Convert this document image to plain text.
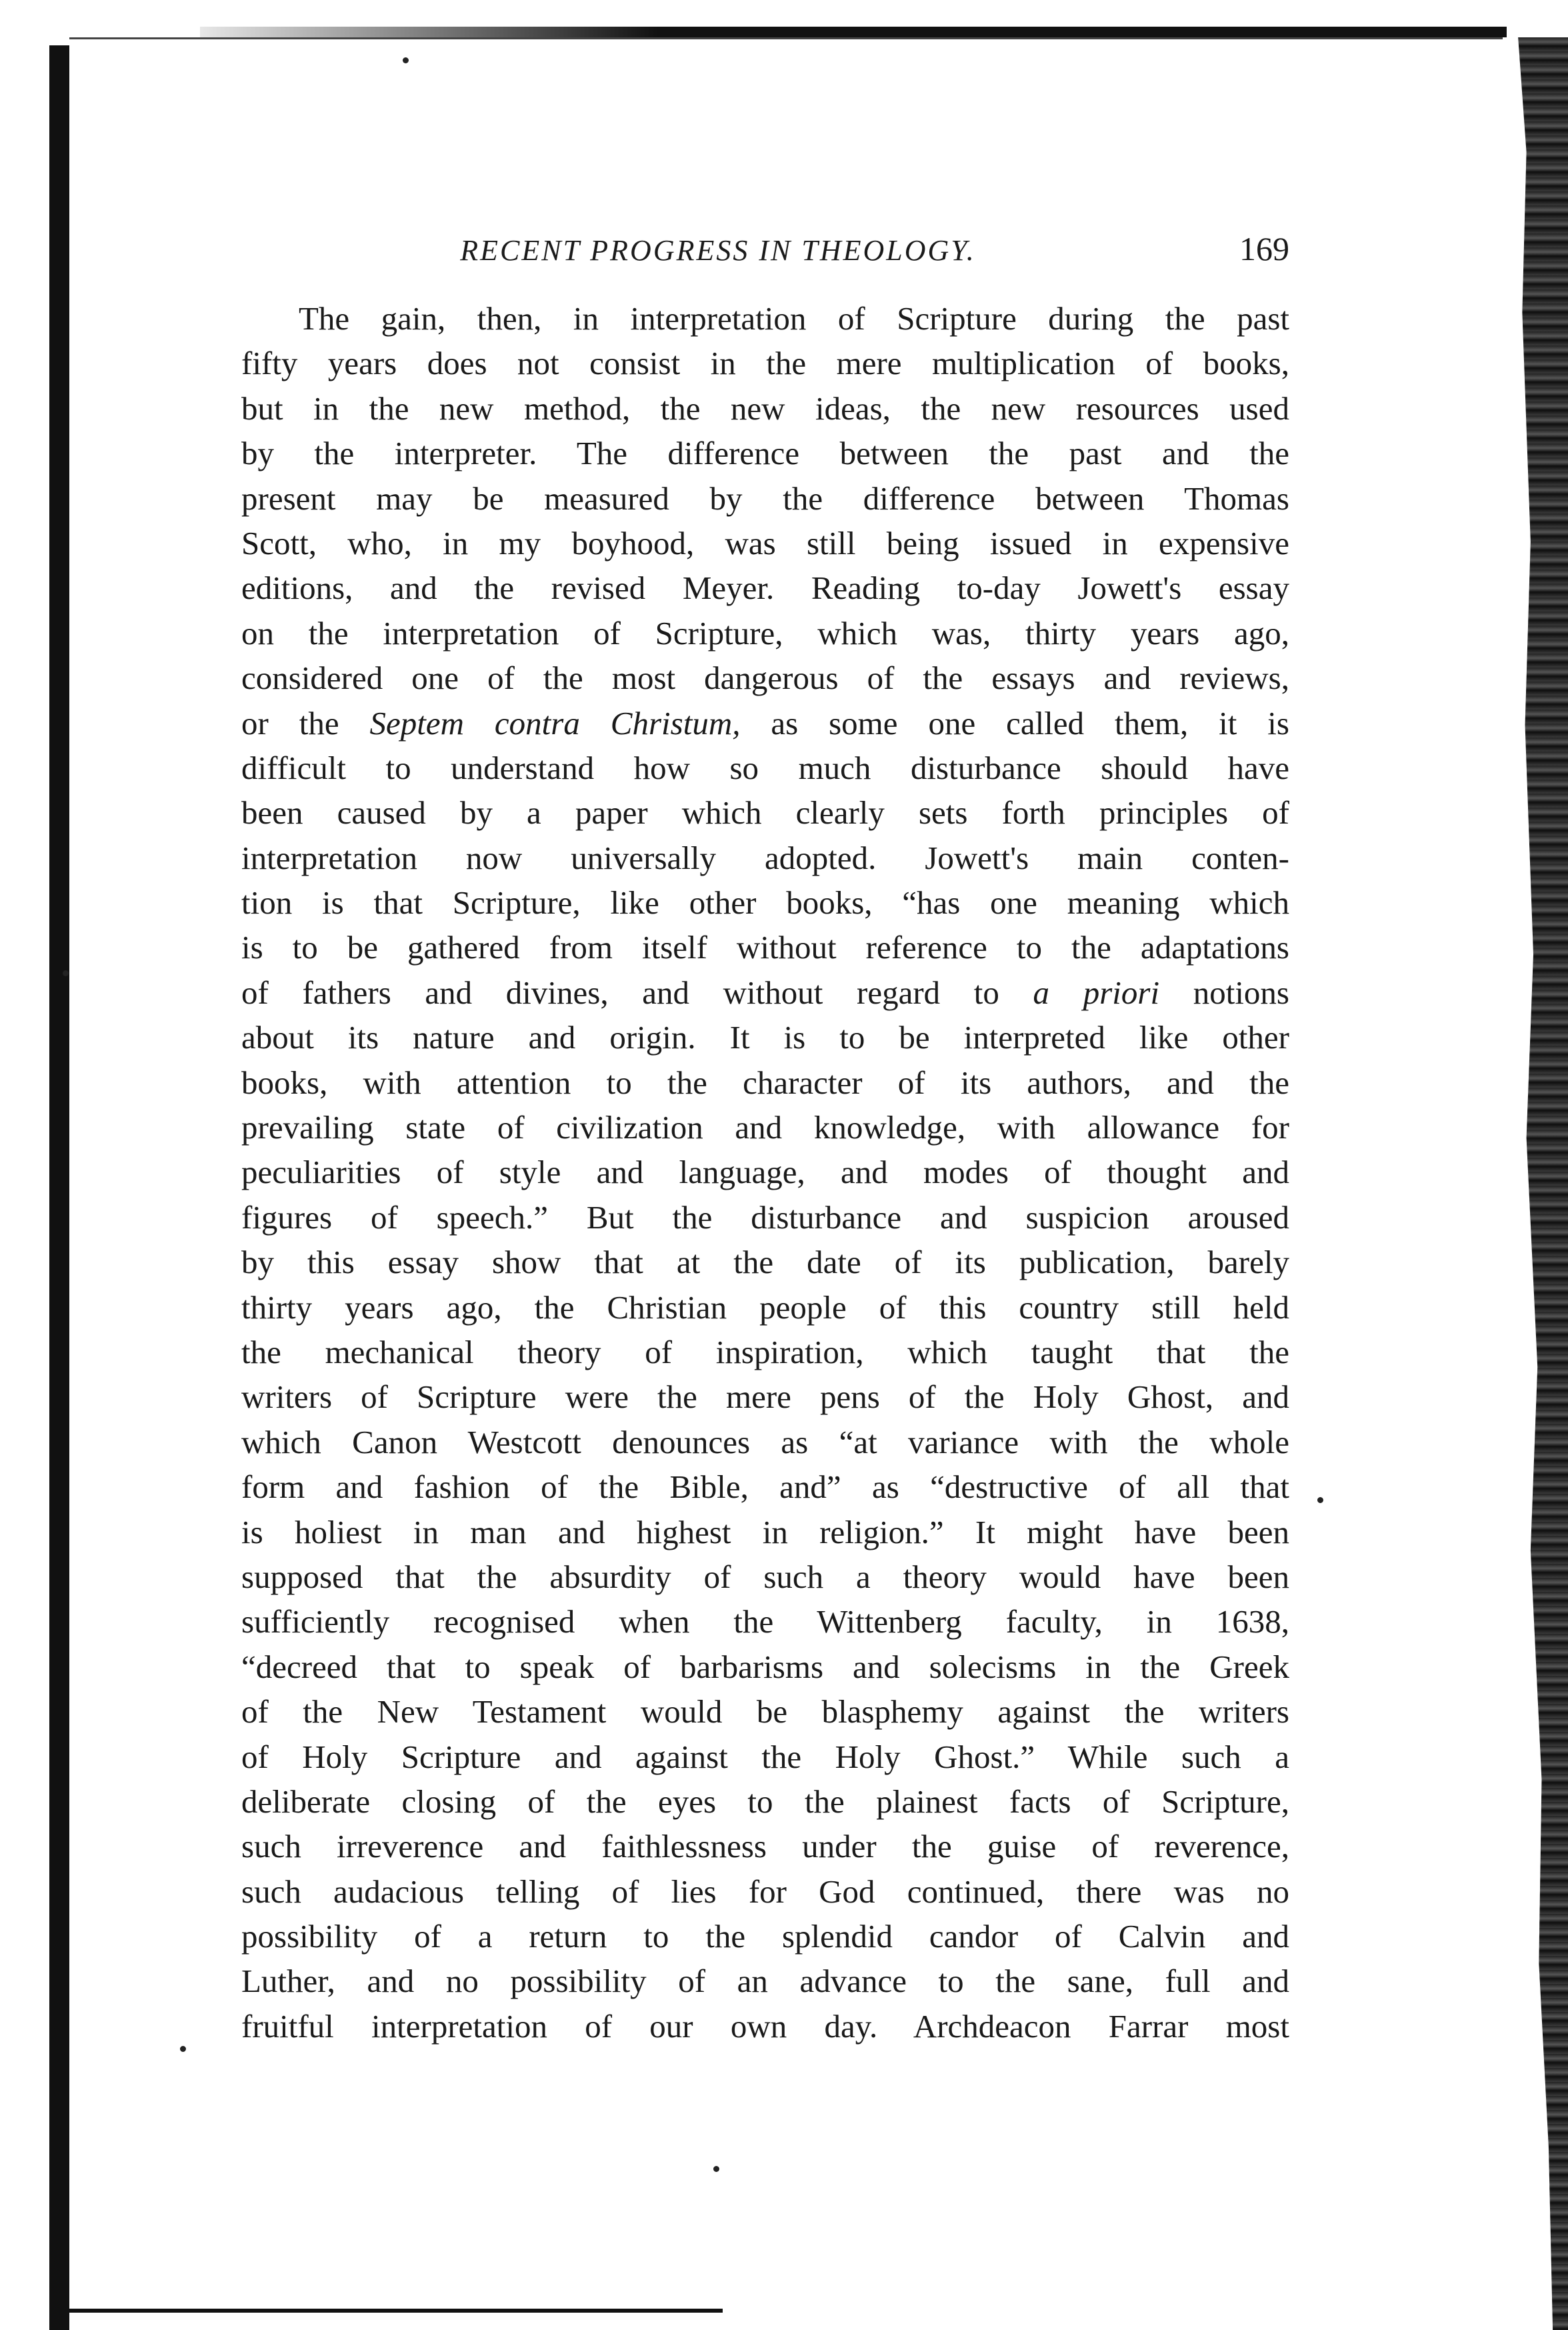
RECENT PROGRESS IN THEOLOGY.	169
The gain, then, in interpretation of Scripture during the past
fifty years does not consist in the mere multiplication of books,
but in the new method, the new ideas, the new resources used
by the interpreter. The difference between the past and the
present may be measured by the difference between Thomas
Scott, who, in my boyhood, was still being issued in expensive
editions, and the revised Meyer. Reading to-day Jowett's essay
on the interpretation of Scripture, which was, thirty years ago,
considered one of the most dangerous of the essays and reviews,
or the Septem contra Christum, as some one called them, it is
difficult to understand how so much disturbance should have
been caused by a paper which clearly sets forth principles of
interpretation now universally adopted. Jowett's main conten-
tion is that Scripture, like other books, “has one meaning which
is to be gathered from itself without reference to the adaptations
of fathers and divines, and without regard to a priori notions
about its nature and origin. It is to be interpreted like other
books, with attention to the character of its authors, and the
prevailing state of civilization and knowledge, with allowance for
peculiarities of style and language, and modes of thought and
figures of speech.” But the disturbance and suspicion aroused
by this essay show that at the date of its publication, barely
thirty years ago, the Christian people of this country still held
the mechanical theory of inspiration, which taught that the
writers of Scripture were the mere pens of the Holy Ghost, and
which Canon Westcott denounces as “at variance with the whole
form and fashion of the Bible, and” as “destructive of all that
is holiest in man and highest in religion.” It might have been
supposed that the absurdity of such a theory would have been
sufficiently recognised when the Wittenberg faculty, in 1638,
“decreed that to speak of barbarisms and solecisms in the Greek
of the New Testament would be blasphemy against the writers
of Holy Scripture and against the Holy Ghost.” While such a
deliberate closing of the eyes to the plainest facts of Scripture,
such irreverence and faithlessness under the guise of reverence,
such audacious telling of lies for God continued, there was no
possibility of a return to the splendid candor of Calvin and
Luther, and no possibility of an advance to the sane, full and
fruitful interpretation of our own day. Archdeacon Farrar most
